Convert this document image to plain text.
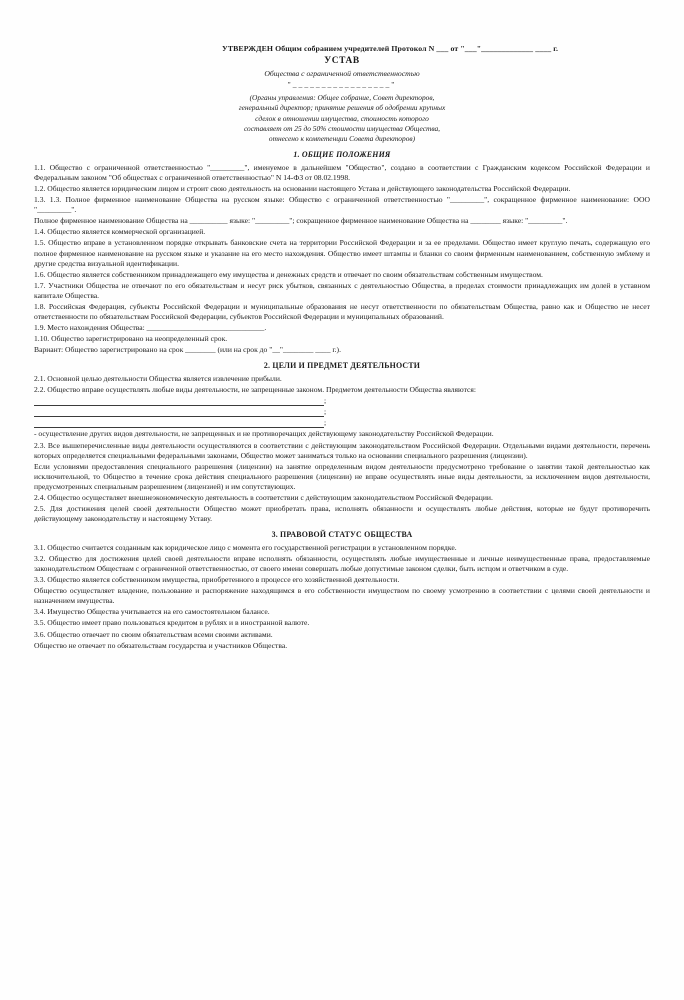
УТВЕРЖДЕН Общим собранием учредителей Протокол N ___ от "___"_____________ ____ г.
УСТАВ
Общества с ограниченной ответственностью
"_________________"
(Органы управления: Общее собрание, Совет директоров,
генеральный директор; принятие решения об одобрении крупных
сделок в отношении имущества, стоимость которого
составляет от 25 до 50% стоимости имущества Общества,
отнесено к компетенции Совета директоров)
1. ОБЩИЕ ПОЛОЖЕНИЯ

1.1. Общество с ограниченной ответственностью "_________", именуемое в дальнейшем "Общество", создано в соответствии с Гражданским кодексом Российской Федерации и Федеральным законом "Об обществах с ограниченной ответственностью" N 14-ФЗ от 08.02.1998.

1.2. Общество является юридическим лицом и строит свою деятельность на основании настоящего Устава и действующего законодательства Российской Федерации.

1.3. 1.3. Полное фирменное наименование Общества на русском языке: Общество с ограниченной ответственностью "_________", сокращенное фирменное наименование: ООО "_________".

Полное фирменное наименование Общества на __________ языке: "_________"; сокращенное фирменное наименование Общества на ________ языке: "_________".

1.4. Общество является коммерческой организацией.

1.5. Общество вправе в установленном порядке открывать банковские счета на территории Российской Федерации и за ее пределами. Общество имеет круглую печать, содержащую его полное фирменное наименование на русском языке и указание на его место нахождения. Общество имеет штампы и бланки со своим фирменным наименованием, собственную эмблему и другие средства визуальной идентификации.

1.6. Общество является собственником принадлежащего ему имущества и денежных средств и отвечает по своим обязательствам собственным имуществом.

1.7. Участники Общества не отвечают по его обязательствам и несут риск убытков, связанных с деятельностью Общества, в пределах стоимости принадлежащих им долей в уставном капитале Общества.

1.8. Российская Федерация, субъекты Российской Федерации и муниципальные образования не несут ответственности по обязательствам Общества, равно как и Общество не несет ответственности по обязательствам Российской Федерации, субъектов Российской Федерации и муниципальных образований.

1.9. Место нахождения Общества: _______________________________.

1.10. Общество зарегистрировано на неопределенный срок.

Вариант: Общество зарегистрировано на срок ________ (или на срок до "__"________ ____ г.).

2. ЦЕЛИ И ПРЕДМЕТ ДЕЯТЕЛЬНОСТИ

2.1. Основной целью деятельности Общества является извлечение прибыли.

2.2. Общество вправе осуществлять любые виды деятельности, не запрещенные законом. Предметом деятельности Общества являются:

;
;
;

- осуществление других видов деятельности, не запрещенных и не противоречащих действующему законодательству Российской Федерации.

2.3. Все вышеперечисленные виды деятельности осуществляются в соответствии с действующим законодательством Российской Федерации. Отдельными видами деятельности, перечень которых определяется специальными федеральными законами, Общество может заниматься только на основании специального разрешения (лицензии).

Если условиями предоставления специального разрешения (лицензии) на занятие определенным видом деятельности предусмотрено требование о занятии такой деятельностью как исключительной, то Общество в течение срока действия специального разрешения (лицензии) не вправе осуществлять иные виды деятельности, за исключением видов деятельности, предусмотренных специальным разрешением (лицензией) и им сопутствующих.

2.4. Общество осуществляет внешнеэкономическую деятельность в соответствии с действующим законодательством Российской Федерации.

2.5. Для достижения целей своей деятельности Общество может приобретать права, исполнять обязанности и осуществлять любые действия, которые не будут противоречить действующему законодательству и настоящему Уставу.

3. ПРАВОВОЙ СТАТУС ОБЩЕСТВА

3.1. Общество считается созданным как юридическое лицо с момента его государственной регистрации в установленном порядке.

3.2. Общество для достижения целей своей деятельности вправе исполнять обязанности, осуществлять любые имущественные и личные неимущественные права, предоставляемые законодательством Обществам с ограниченной ответственностью, от своего имени совершать любые допустимые законом сделки, быть истцом и ответчиком в суде.

3.3. Общество является собственником имущества, приобретенного в процессе его хозяйственной деятельности.

Общество осуществляет владение, пользование и распоряжение находящимся в его собственности имуществом по своему усмотрению в соответствии с целями своей деятельности и назначением имущества.

3.4. Имущество Общества учитывается на его самостоятельном балансе.

3.5. Общество имеет право пользоваться кредитом в рублях и в иностранной валюте.

3.6. Общество отвечает по своим обязательствам всеми своими активами.

Общество не отвечает по обязательствам государства и участников Общества.
